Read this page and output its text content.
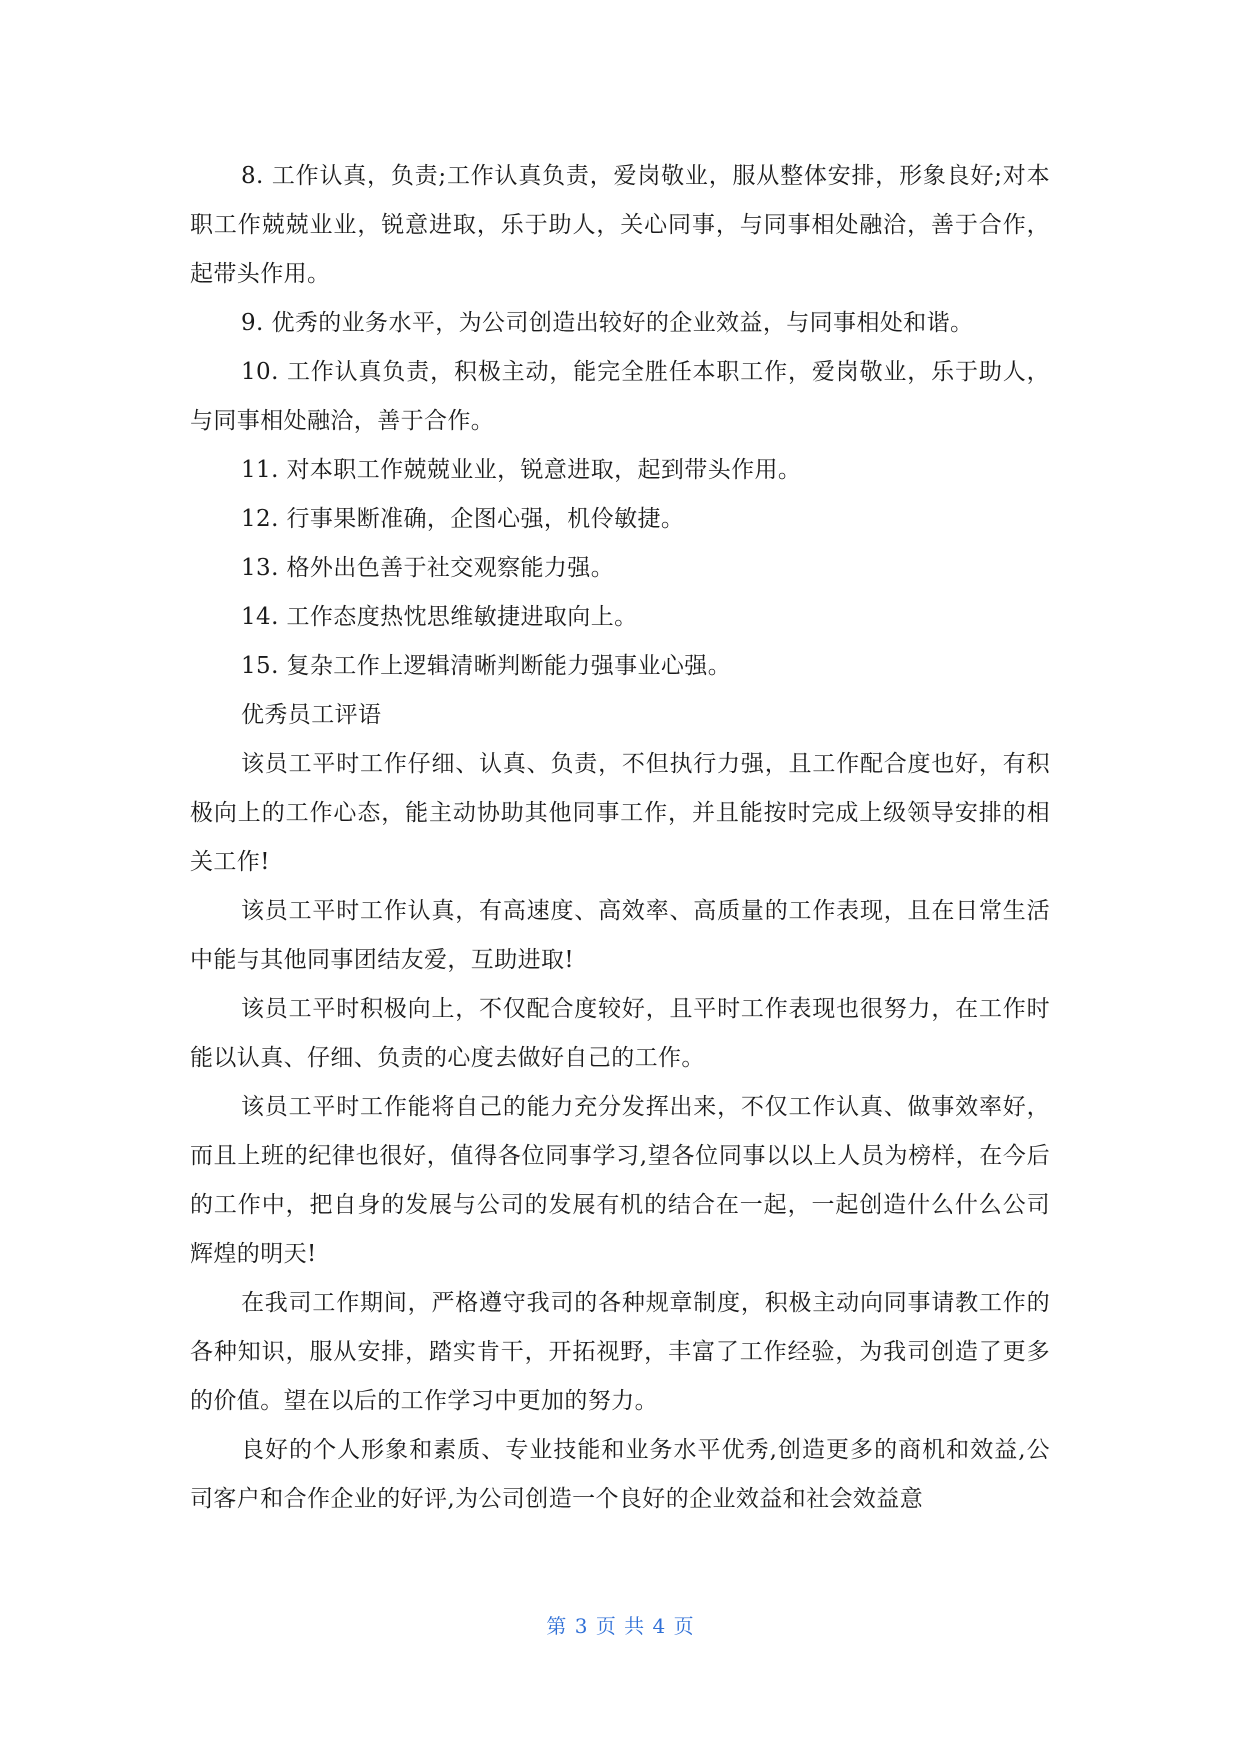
8. 工作认真，负责;工作认真负责，爱岗敬业，服从整体安排，形象良好;对本职工作兢兢业业，锐意进取，乐于助人，关心同事，与同事相处融洽，善于合作，起带头作用。

9. 优秀的业务水平，为公司创造出较好的企业效益，与同事相处和谐。

10. 工作认真负责，积极主动，能完全胜任本职工作，爱岗敬业，乐于助人，与同事相处融洽，善于合作。

11. 对本职工作兢兢业业，锐意进取，起到带头作用。

12. 行事果断准确，企图心强，机伶敏捷。

13. 格外出色善于社交观察能力强。

14. 工作态度热忱思维敏捷进取向上。

15. 复杂工作上逻辑清晰判断能力强事业心强。

优秀员工评语

该员工平时工作仔细、认真、负责，不但执行力强，且工作配合度也好，有积极向上的工作心态，能主动协助其他同事工作，并且能按时完成上级领导安排的相关工作!

该员工平时工作认真，有高速度、高效率、高质量的工作表现，且在日常生活中能与其他同事团结友爱，互助进取!

该员工平时积极向上，不仅配合度较好，且平时工作表现也很努力，在工作时能以认真、仔细、负责的心度去做好自己的工作。

该员工平时工作能将自己的能力充分发挥出来，不仅工作认真、做事效率好，而且上班的纪律也很好，值得各位同事学习,望各位同事以以上人员为榜样，在今后的工作中，把自身的发展与公司的发展有机的结合在一起，一起创造什么什么公司辉煌的明天!

在我司工作期间，严格遵守我司的各种规章制度，积极主动向同事请教工作的各种知识，服从安排，踏实肯干，开拓视野，丰富了工作经验，为我司创造了更多的价值。望在以后的工作学习中更加的努力。

良好的个人形象和素质、专业技能和业务水平优秀,创造更多的商机和效益,公司客户和合作企业的好评,为公司创造一个良好的企业效益和社会效益意

第 3 页 共 4 页
